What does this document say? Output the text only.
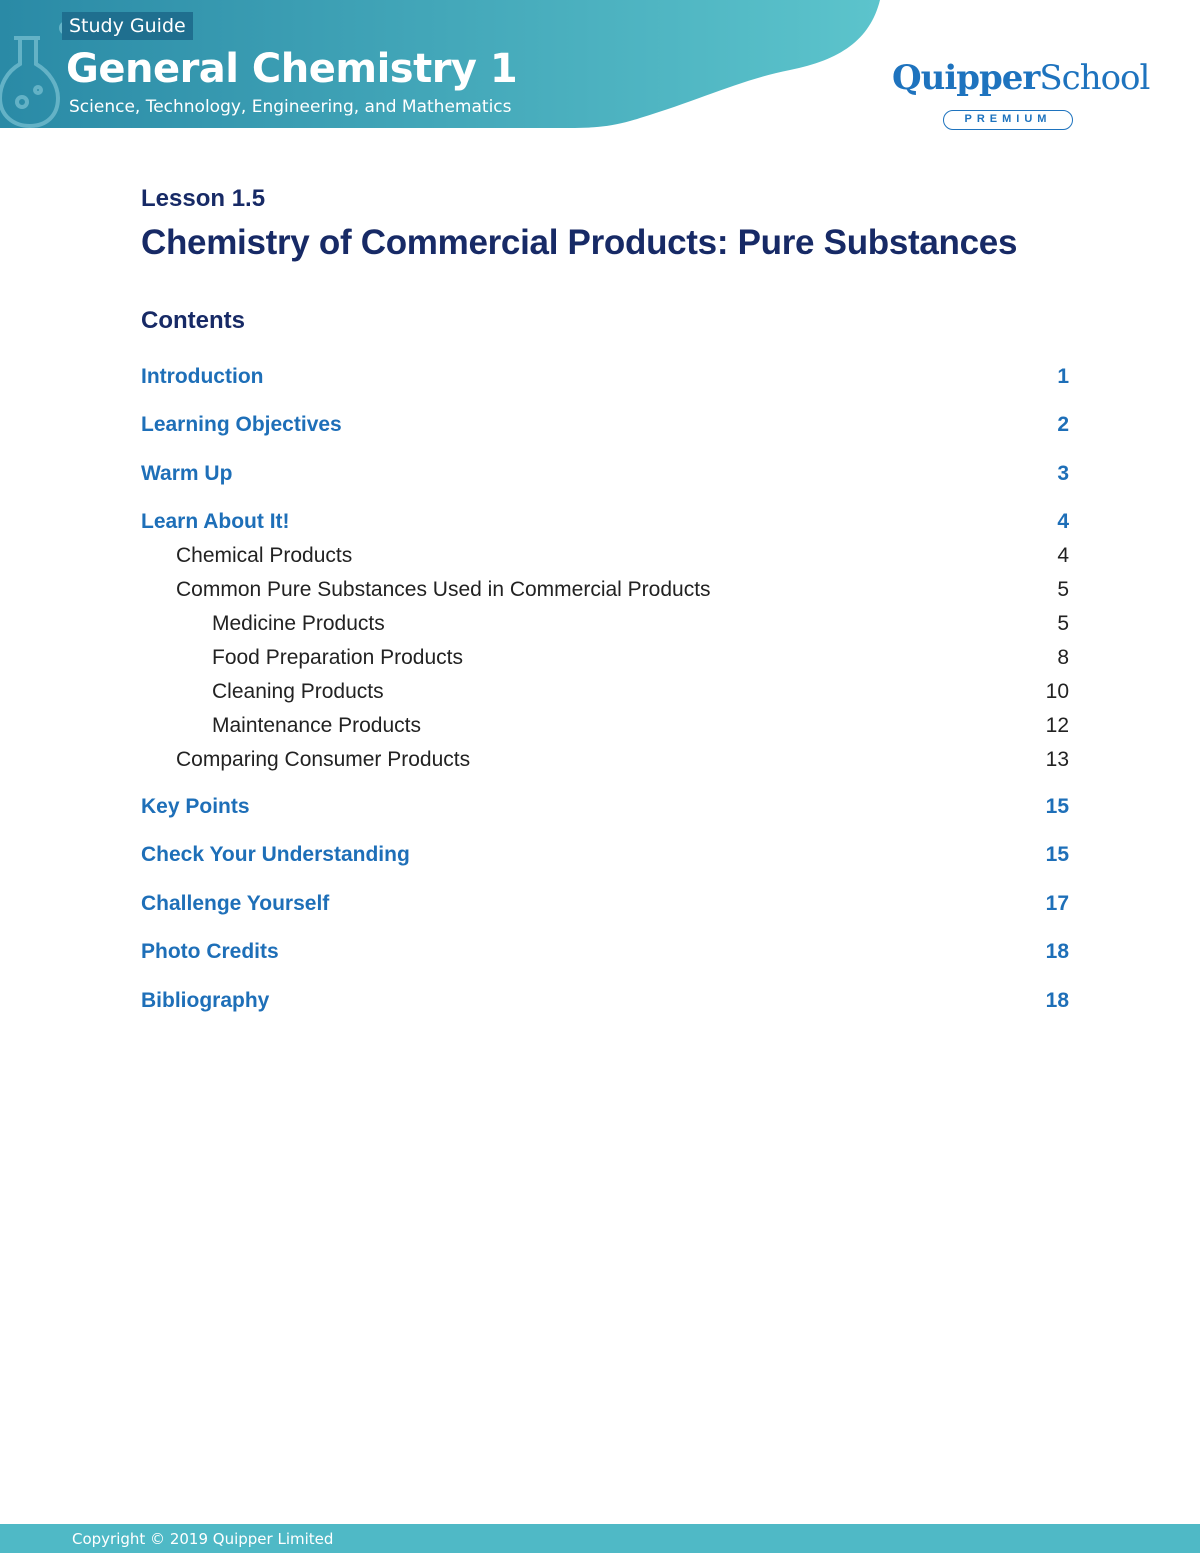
Study Guide
General Chemistry 1
Science, Technology, Engineering, and Mathematics
QuipperSchool
PREMIUM
Lesson 1.5
Chemistry of Commercial Products: Pure Substances
Contents
Introduction	1
Learning Objectives	2
Warm Up	3
Learn About It!	4
Chemical Products	4
Common Pure Substances Used in Commercial Products	5
Medicine Products	5
Food Preparation Products	8
Cleaning Products	10
Maintenance Products	12
Comparing Consumer Products	13
Key Points	15
Check Your Understanding	15
Challenge Yourself	17
Photo Credits	18
Bibliography	18
Copyright © 2019 Quipper Limited
